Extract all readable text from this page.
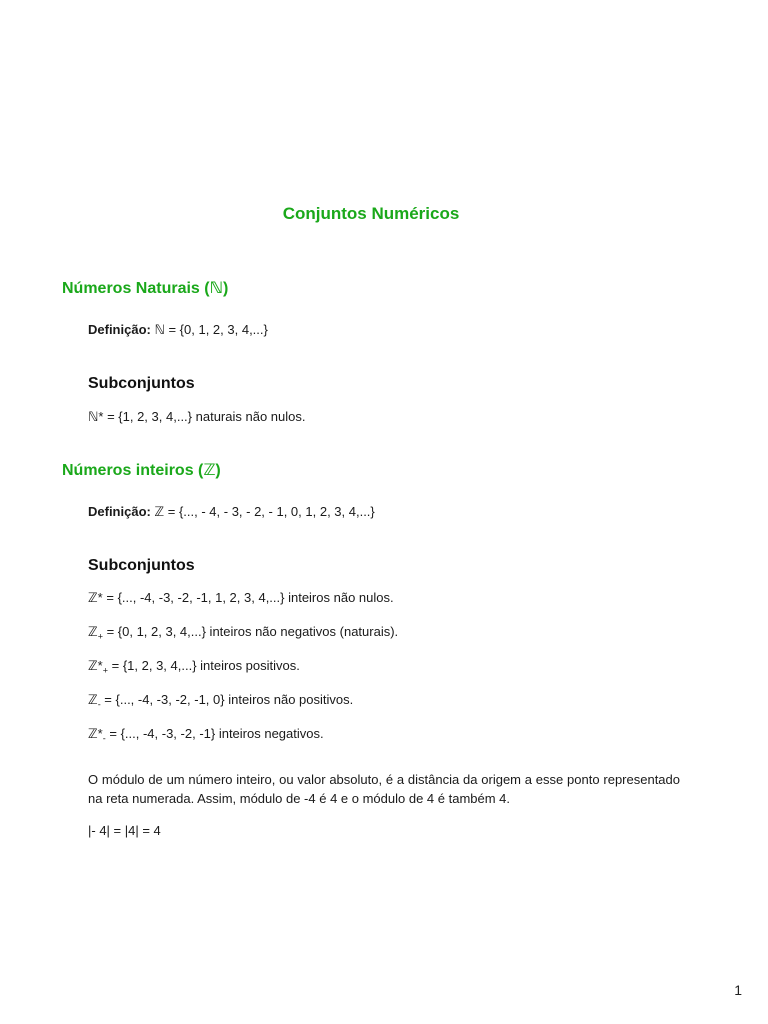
Conjuntos Numéricos
Números Naturais (ℕ)
Definição: ℕ = {0, 1, 2, 3, 4,...}
Subconjuntos
ℕ* = {1, 2, 3, 4,...} naturais não nulos.
Números inteiros (ℤ)
Definição: ℤ = {..., - 4, - 3, - 2, - 1, 0, 1, 2, 3, 4,...}
Subconjuntos
ℤ* = {..., -4, -3, -2, -1, 1, 2, 3, 4,...} inteiros não nulos.
ℤ$_+$ = {0, 1, 2, 3, 4,...} inteiros não negativos (naturais).
$ℤ*_+ = \{1$, 2, 3, 4,...} inteiros positivos.
ℤ$_-$ = {..., -4, -3, -2, -1, 0} inteiros não positivos.
$ℤ*_-$ = {..., -4, -3, -2, -1} inteiros negativos.
O módulo de um número inteiro, ou valor absoluto, é a distância da origem a esse ponto representado na reta numerada. Assim, módulo de -4 é 4 e o módulo de 4 é também 4.
|- 4| = |4| = 4
1
